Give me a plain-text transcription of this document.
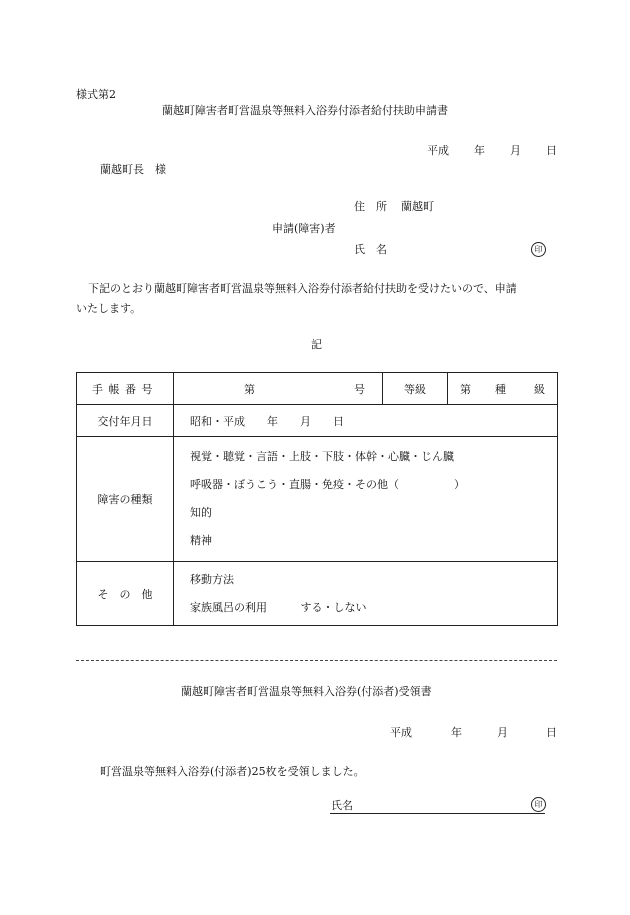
様式第2
蘭越町障害者町営温泉等無料入浴券付添者給付扶助申請書
平成 年 月 日
蘭越町長　様
住　所 蘭越町
申請(障害)者
氏　名	印
下記のとおり蘭越町障害者町営温泉等無料入浴券付添者給付扶助を受けたいので、申請
いたします。
記
手帳番号	第 号	等級	第 種 級

交付年月日	昭和・平成　　年　　月　　日		
障害の種類	視覚・聴覚・言語・上肢・下肢・体幹・心臓・じん臓
呼吸器・ぼうこう・直腸・免疫・その他（　　　　　）
知的
精神		

そ　の　他	移動方法
家族風呂の利用 する・しない		
蘭越町障害者町営温泉等無料入浴券(付添者)受領書
平成	年	月	日
町営温泉等無料入浴券(付添者)25枚を受領しました。
氏名	印
